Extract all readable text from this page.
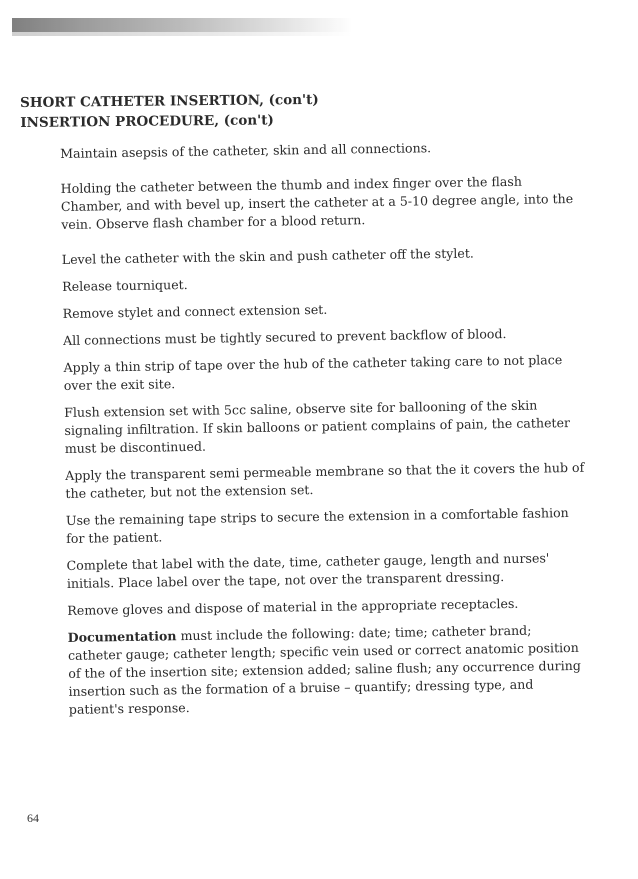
SHORT CATHETER INSERTION, (con't)
INSERTION PROCEDURE, (con't)

Maintain asepsis of the catheter, skin and all connections.

Holding the catheter between the thumb and index finger over the flash Chamber, and with bevel up, insert the catheter at a 5-10 degree angle, into the vein. Observe flash chamber for a blood return.

Level the catheter with the skin and push catheter off the stylet.

Release tourniquet.

Remove stylet and connect extension set.

All connections must be tightly secured to prevent backflow of blood.

Apply a thin strip of tape over the hub of the catheter taking care to not place over the exit site.

Flush extension set with 5cc saline, observe site for ballooning of the skin signaling infiltration. If skin balloons or patient complains of pain, the catheter must be discontinued.

Apply the transparent semi permeable membrane so that the it covers the hub of the catheter, but not the extension set.

Use the remaining tape strips to secure the extension in a comfortable fashion for the patient.

Complete that label with the date, time, catheter gauge, length and nurses' initials. Place label over the tape, not over the transparent dressing.

Remove gloves and dispose of material in the appropriate receptacles.

Documentation must include the following: date; time; catheter brand; catheter gauge; catheter length; specific vein used or correct anatomic position of the of the insertion site; extension added; saline flush; any occurrence during insertion such as the formation of a bruise – quantify; dressing type, and patient's response.

64
